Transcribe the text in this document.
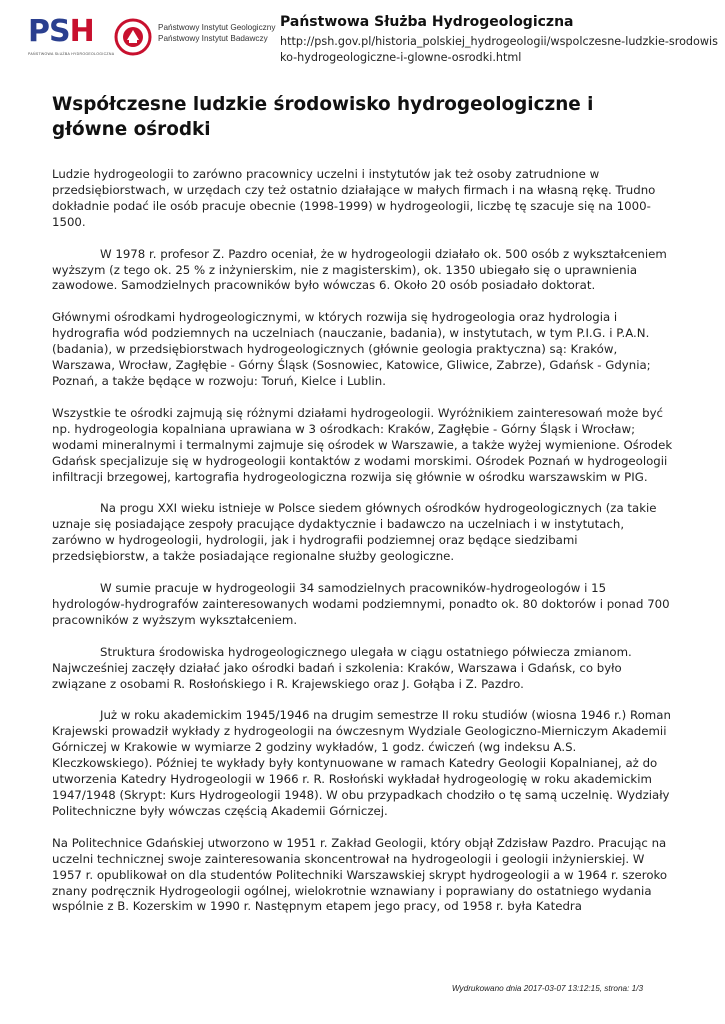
PSH	Państwowy Instytut Geologiczny
Państwowy Instytut Badawczy
PAŃSTWOWA SŁUŻBA HYDROGEOLOGICZNA
Państwowa Służba Hydrogeologiczna
http://psh.gov.pl/historia_polskiej_hydrogeologii/wspolczesne-ludzkie-srodowisko-hydrogeologiczne-i-glowne-osrodki.html
Współczesne ludzkie środowisko hydrogeologiczne i główne ośrodki

Ludzie hydrogeologii to zarówno pracownicy uczelni i instytutów jak też osoby zatrudnione w przedsiębiorstwach, w urzędach czy też ostatnio działające w małych firmach i na własną rękę. Trudno dokładnie podać ile osób pracuje obecnie (1998-1999) w hydrogeologii, liczbę tę szacuje się na 1000-1500.

W 1978 r. profesor Z. Pazdro oceniał, że w hydrogeologii działało ok. 500 osób z wykształceniem wyższym (z tego ok. 25 % z inżynierskim, nie z magisterskim), ok. 1350 ubiegało się o uprawnienia zawodowe. Samodzielnych pracowników było wówczas 6. Około 20 osób posiadało doktorat.

Głównymi ośrodkami hydrogeologicznymi, w których rozwija się hydrogeologia oraz hydrologia i hydrografia wód podziemnych na uczelniach (nauczanie, badania), w instytutach, w tym P.I.G. i P.A.N. (badania), w przedsiębiorstwach hydrogeologicznych (głównie geologia praktyczna) są: Kraków, Warszawa, Wrocław, Zagłębie - Górny Śląsk (Sosnowiec, Katowice, Gliwice, Zabrze), Gdańsk - Gdynia; Poznań, a także będące w rozwoju: Toruń, Kielce i Lublin.

Wszystkie te ośrodki zajmują się różnymi działami hydrogeologii. Wyróżnikiem zainteresowań może być np. hydrogeologia kopalniana uprawiana w 3 ośrodkach: Kraków, Zagłębie - Górny Śląsk i Wrocław; wodami mineralnymi i termalnymi zajmuje się ośrodek w Warszawie, a także wyżej wymienione. Ośrodek Gdańsk specjalizuje się w hydrogeologii kontaktów z wodami morskimi. Ośrodek Poznań w hydrogeologii infiltracji brzegowej, kartografia hydrogeologiczna rozwija się głównie w ośrodku warszawskim w PIG.

Na progu XXI wieku istnieje w Polsce siedem głównych ośrodków hydrogeologicznych (za takie uznaje się posiadające zespoły pracujące dydaktycznie i badawczo na uczelniach i w instytutach, zarówno w hydrogeologii, hydrologii, jak i hydrografii podziemnej oraz będące siedzibami przedsiębiorstw, a także posiadające regionalne służby geologiczne.

W sumie pracuje w hydrogeologii 34 samodzielnych pracowników-hydrogeologów i 15 hydrologów-hydrografów zainteresowanych wodami podziemnymi, ponadto ok. 80 doktorów i ponad 700 pracowników z wyższym wykształceniem.

Struktura środowiska hydrogeologicznego ulegała w ciągu ostatniego półwiecza zmianom. Najwcześniej zaczęły działać jako ośrodki badań i szkolenia: Kraków, Warszawa i Gdańsk, co było związane z osobami R. Rosłońskiego i R. Krajewskiego oraz J. Gołąba i Z. Pazdro.

Już w roku akademickim 1945/1946 na drugim semestrze II roku studiów (wiosna 1946 r.) Roman Krajewski prowadził wykłady z hydrogeologii na ówczesnym Wydziale Geologiczno-Mierniczym Akademii Górniczej w Krakowie w wymiarze 2 godziny wykładów, 1 godz. ćwiczeń (wg indeksu A.S. Kleczkowskiego). Później te wykłady były kontynuowane w ramach Katedry Geologii Kopalnianej, aż do utworzenia Katedry Hydrogeologii w 1966 r. R. Rosłoński wykładał hydrogeologię w roku akademickim 1947/1948 (Skrypt: Kurs Hydrogeologii 1948). W obu przypadkach chodziło o tę samą uczelnię. Wydziały Politechniczne były wówczas częścią Akademii Górniczej.

Na Politechnice Gdańskiej utworzono w 1951 r. Zakład Geologii, który objął Zdzisław Pazdro. Pracując na uczelni technicznej swoje zainteresowania skoncentrował na hydrogeologii i geologii inżynierskiej. W 1957 r. opublikował on dla studentów Politechniki Warszawskiej skrypt hydrogeologii a w 1964 r. szeroko znany podręcznik Hydrogeologii ogólnej, wielokrotnie wznawiany i poprawiany do ostatniego wydania wspólnie z B. Kozerskim w 1990 r. Następnym etapem jego pracy, od 1958 r. była Katedra

Wydrukowano dnia 2017-03-07 13:12:15, strona: 1/3
